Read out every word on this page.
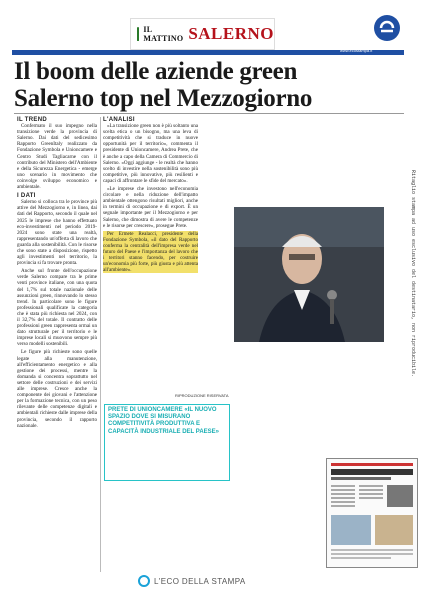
IL MATTINO SALERNO
www.ecostampa.it
Il boom delle aziende green
Salerno top nel Mezzogiorno
Ritaglio stampa ad uso esclusivo del destinatario, non riproducibile.
IL TREND

Confermato il suo impegno nella transizione verde la provincia di Salerno. Dai dati del sedicesimo Rapporto GreenItaly realizzato da Fondazione Symbola e Unioncamere e Centro Studi Tagliacarne con il contributo del Ministero dell'Ambiente e della Sicurezza Energetica - emerge uno scenario in movimento che coinvolge sviluppo economico e ambientale.

I DATI

Salerno si colloca tra le province più attive del Mezzogiorno e, in linea, dai dati del Rapporto, secondo il quale nel 2025 le imprese che hanno effettuato eco-investimenti nel periodo 2019-2024 sono state una realtà, rappresentando un'offerta di lavoro che guarda alla sostenibilità. Con le risorse che sono state a disposizione, rispetto agli investimenti nel territorio, la provincia si fa trovare pronta.

Anche sul fronte dell'occupazione verde Salerno compare tra le prime venti province italiane, con una quota del 1,7% sul totale nazionale delle assunzioni green, rinnovando lo stesso trend. In particolare sono le figure professionali qualificate la categoria che è stata più richiesta nel 2024, con il 32,7% del totale. Il contratto delle professioni green rappresenta ormai un dato strutturale per il territorio e le imprese locali si muovono sempre più verso modelli sostenibili.

Le figure più richieste sono quelle legate alla manutenzione, all'efficientamento energetico e alla gestione dei processi, mentre la domanda si concentra soprattutto nel settore delle costruzioni e dei servizi alle imprese. Cresce anche la componente dei giovani e l'attenzione per la formazione tecnica, con un peso rilevante delle competenze digitali e ambientali richieste dalle imprese della provincia, secondo il rapporto nazionale.

L'ANALISI

«La transizione green non è più soltanto una scelta etica o un bisogno, ma una leva di competitività che si traduce in nuove opportunità per il territorio», commenta il presidente di Unioncamere, Andrea Prete, che è anche a capo della Camera di Commercio di Salerno. «Oggi aggiunge - le realtà che hanno scelto di investire nella sostenibilità sono più competitive, più innovative, più resilienti e capaci di affrontare le sfide del mercato».

«Le imprese che investono nell'economia circolare e nella riduzione dell'impatto ambientale ottengono risultati migliori, anche in termini di occupazione e di export. È un segnale importante per il Mezzogiorno e per Salerno, che dimostra di avere le competenze e le risorse per crescere», prosegue Prete.

Per Ermete Realacci, presidente della Fondazione Symbola, «il dato del Rapporto conferma la centralità dell'impresa verde nel futuro del Paese e l'importanza del lavoro che i territori stanno facendo, per costruire un'economia più forte, più giusta e più attenta all'ambiente».

RIPRODUZIONE RISERVATA
PRETE DI UNIONCAMERE «IL NUOVO SPAZIO DOVE SI MISURANO COMPETITIVITÀ PRODUTTIVA E CAPACITÀ INDUSTRIALE DEL PAESE»
L'ECO DELLA STAMPA
